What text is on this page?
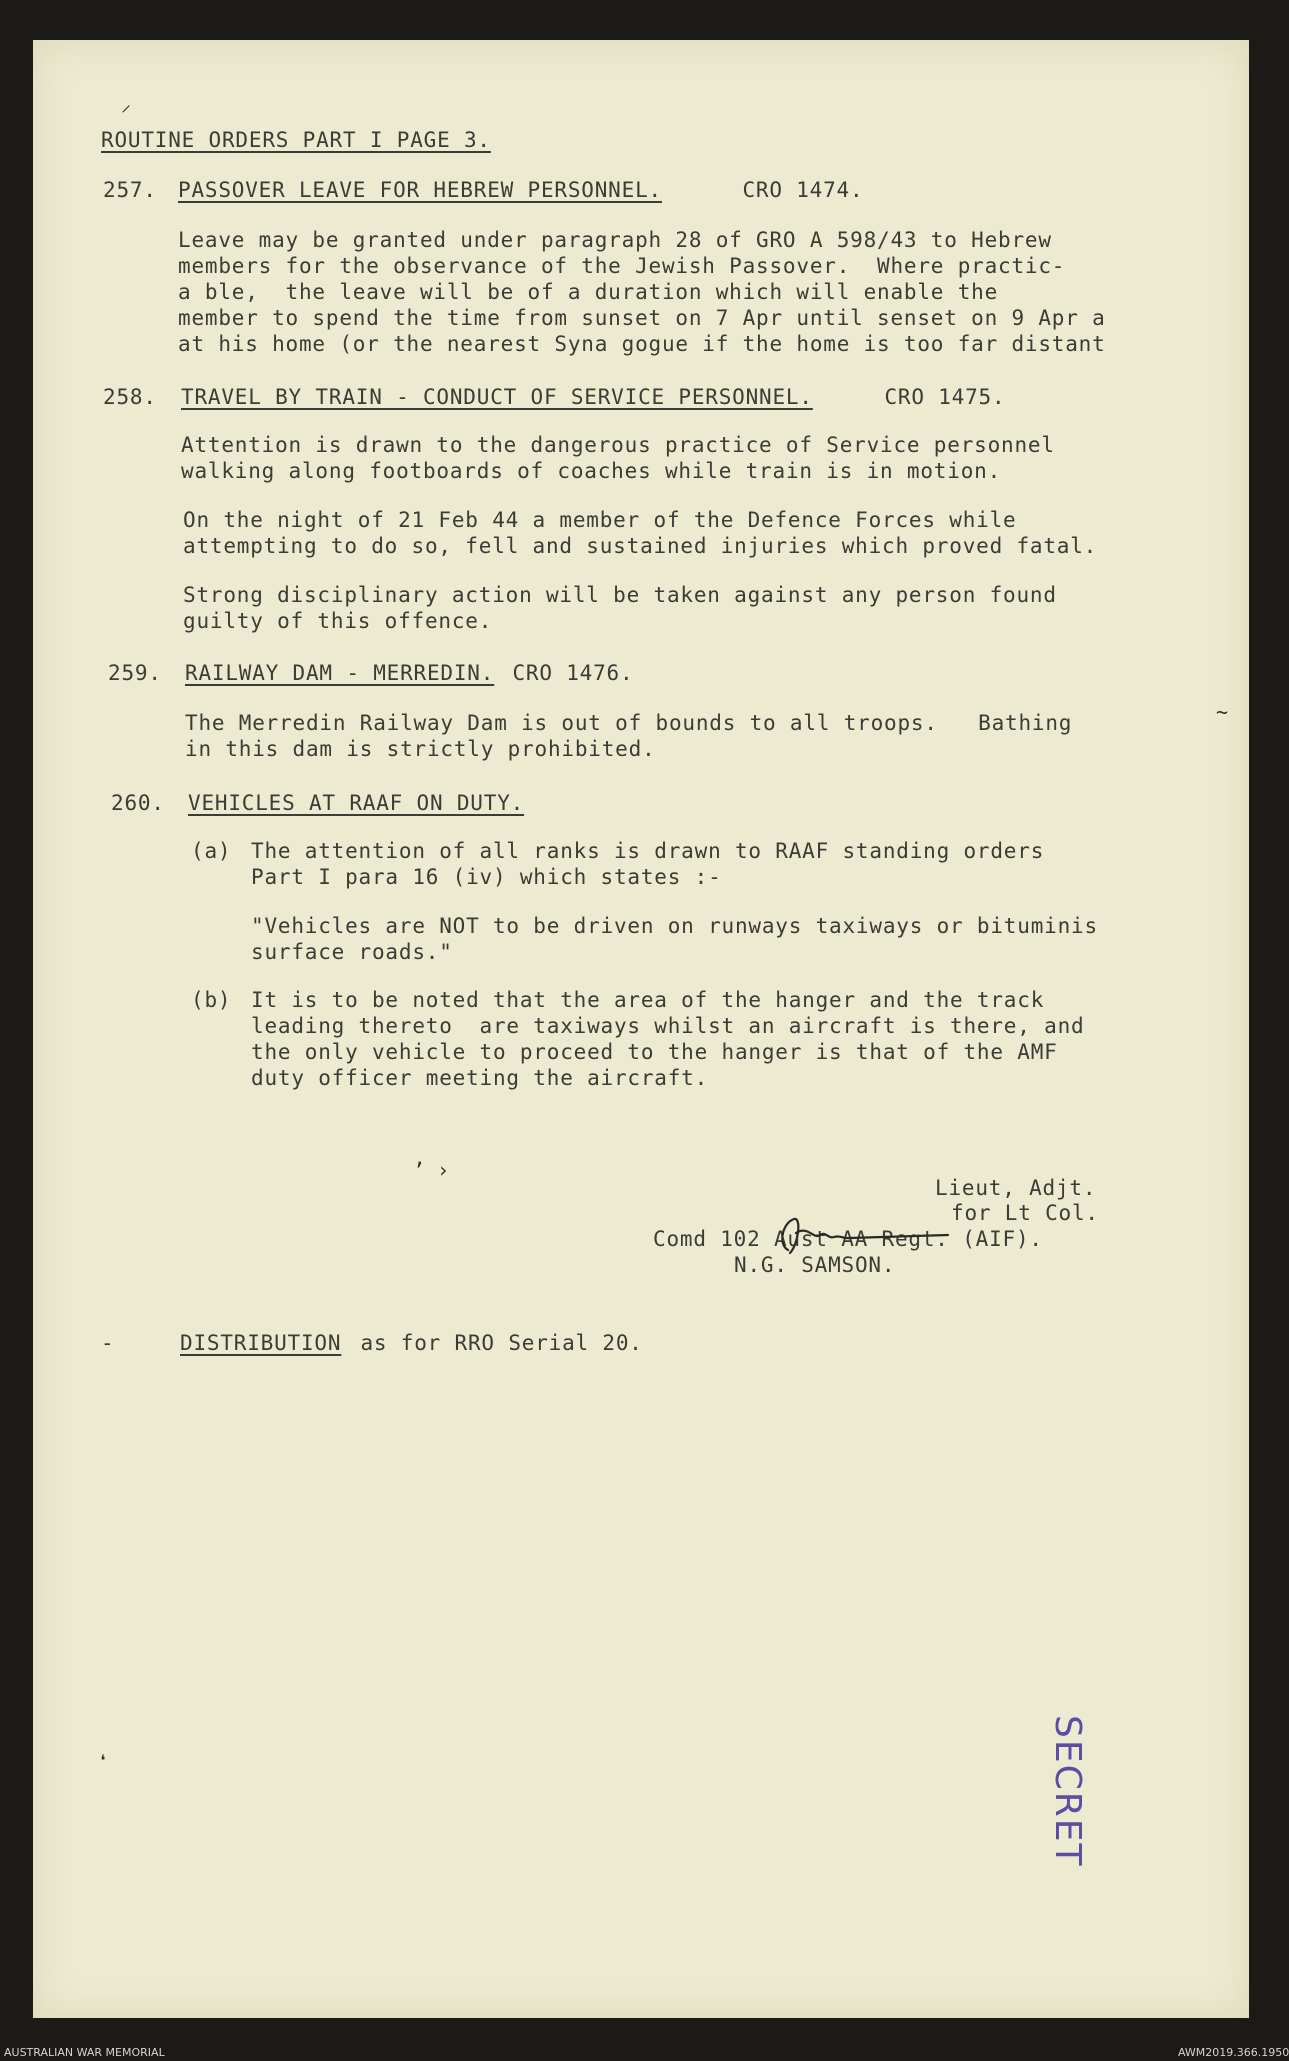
ROUTINE ORDERS PART I PAGE 3.
257. PASSOVER LEAVE FOR HEBREW PERSONNEL.	CRO 1474.
Leave may be granted under paragraph 28 of GRO A 598/43 to Hebrew
members for the observance of the Jewish Passover.  Where practic-
a ble,  the leave will be of a duration which will enable the
member to spend the time from sunset on 7 Apr until senset on 9 Apr a
at his home (or the nearest Syna gogue if the home is too far distant
258. TRAVEL BY TRAIN - CONDUCT OF SERVICE PERSONNEL.	CRO 1475.
Attention is drawn to the dangerous practice of Service personnel
walking along footboards of coaches while train is in motion.
On the night of 21 Feb 44 a member of the Defence Forces while
attempting to do so, fell and sustained injuries which proved fatal.
Strong disciplinary action will be taken against any person found
guilty of this offence.
259. RAILWAY DAM - MERREDIN. CRO 1476.
The Merredin Railway Dam is out of bounds to all troops.   Bathing
in this dam is strictly prohibited.
260. VEHICLES AT RAAF ON DUTY.
(a) The attention of all ranks is drawn to RAAF standing orders
Part I para 16 (iv) which states :-
"Vehicles are NOT to be driven on runways taxiways or bituminis
surface roads."
(b) It is to be noted that the area of the hanger and the track
leading thereto  are taxiways whilst an aircraft is there, and
the only vehicle to proceed to the hanger is that of the AMF
duty officer meeting the aircraft.
⸝
ʼ ›
~
Lieut, Adjt.
for Lt Col.
Comd 102 Aust AA Regt. (AIF).
N.G. SAMSON.
- DISTRIBUTION as for RRO Serial 20.
❛	SECRET
AUSTRALIAN WAR MEMORIAL	AWM2019.366.1950
